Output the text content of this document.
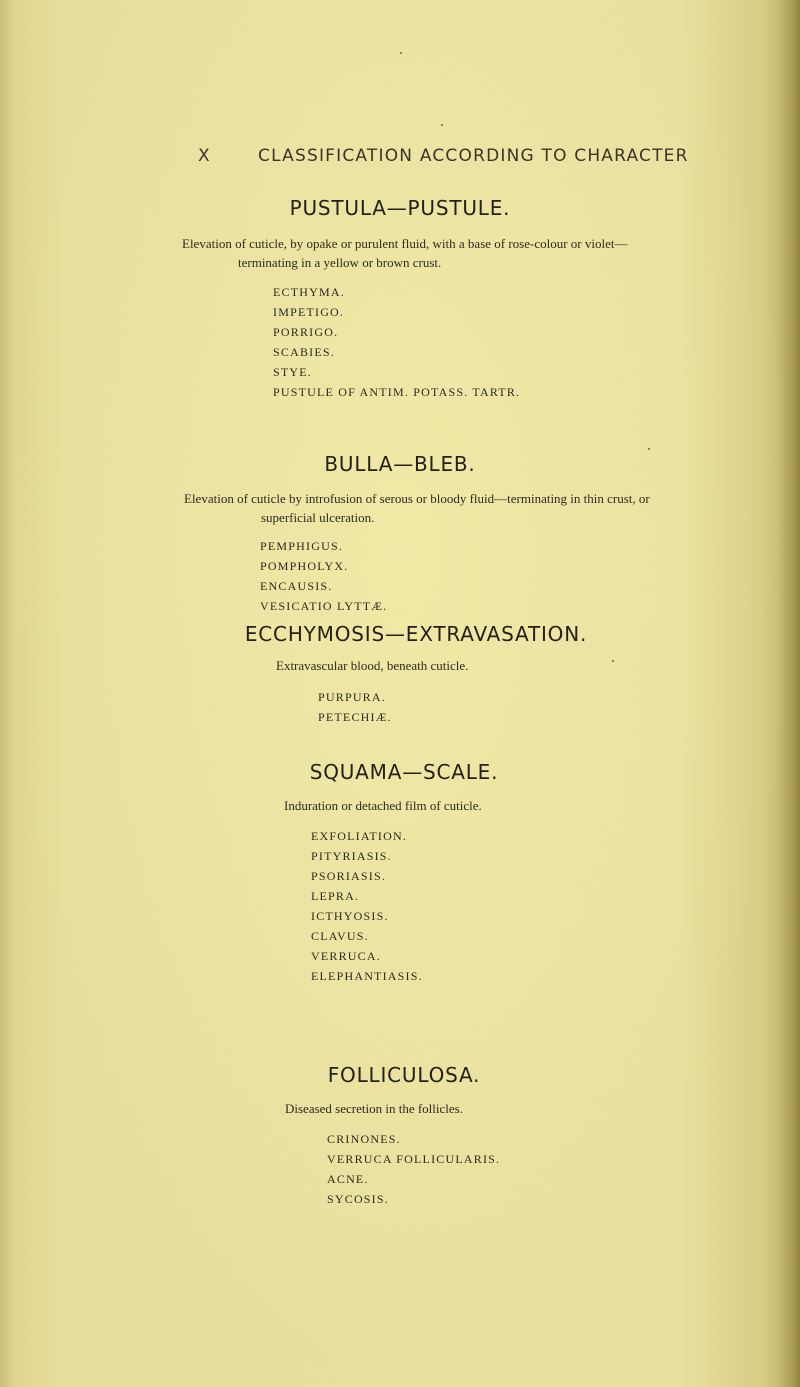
X	CLASSIFICATION ACCORDING TO CHARACTER
PUSTULA—PUSTULE.
Elevation of cuticle, by opake or purulent fluid, with a base of rose-colour or violet—
terminating in a yellow or brown crust.
ECTHYMA.
IMPETIGO.
PORRIGO.
SCABIES.
STYE.
PUSTULE OF ANTIM. POTASS. TARTR.
BULLA—BLEB.
Elevation of cuticle by introfusion of serous or bloody fluid—terminating in thin crust, or
superficial ulceration.
PEMPHIGUS.
POMPHOLYX.
ENCAUSIS.
VESICATIO LYTTÆ.
ECCHYMOSIS—EXTRAVASATION.
Extravascular blood, beneath cuticle.
PURPURA.
PETECHIÆ.
SQUAMA—SCALE.
Induration or detached film of cuticle.
EXFOLIATION.
PITYRIASIS.
PSORIASIS.
LEPRA.
ICTHYOSIS.
CLAVUS.
VERRUCA.
ELEPHANTIASIS.
FOLLICULOSA.
Diseased secretion in the follicles.
CRINONES.
VERRUCA FOLLICULARIS.
ACNE.
SYCOSIS.
